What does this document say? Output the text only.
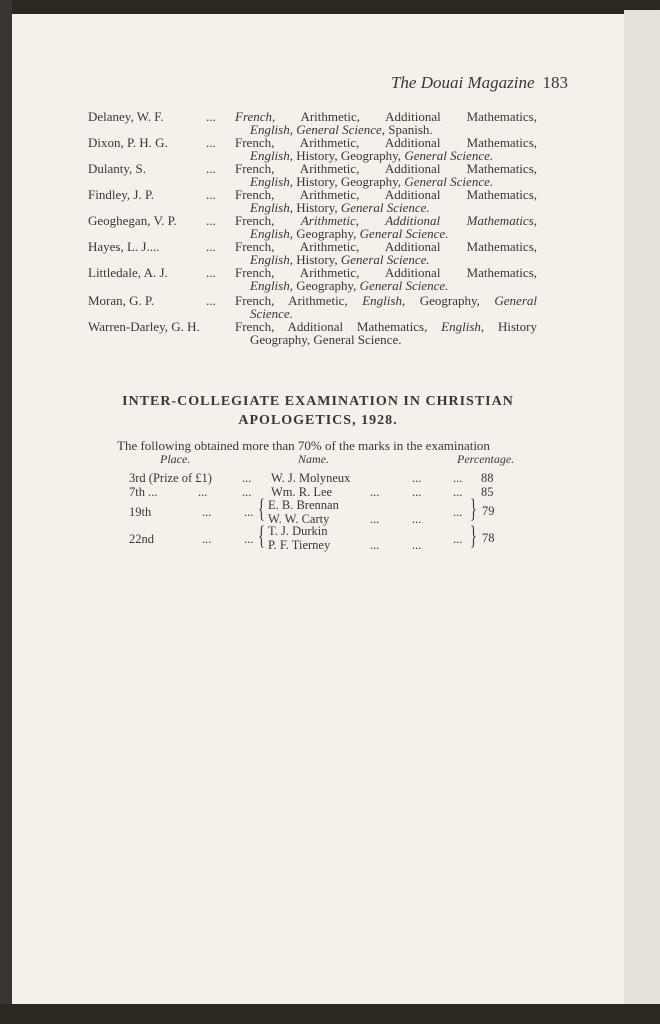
The Douai Magazine 183
Delaney, W. F.	... French, Arithmetic, Additional Mathematics,
English, General Science, Spanish.
Dixon, P. H. G.	... French, Arithmetic, Additional Mathematics,
English, History, Geography, General Science.
Dulanty, S.	... French, Arithmetic, Additional Mathematics,
English, History, Geography, General Science.
Findley, J. P.	... French, Arithmetic, Additional Mathematics,
English, History, General Science.
Geoghegan, V. P. ... French, Arithmetic, Additional Mathematics,
English, Geography, General Science.
Hayes, L. J....	... French, Arithmetic, Additional Mathematics,
English, History, General Science.
Littledale, A. J.	... French, Arithmetic, Additional Mathematics,
English, Geography, General Science.
Moran, G. P.	... French, Arithmetic, English, Geography, General
Science.
Warren-Darley, G. H.	French, Additional Mathematics, English, History
Geography, General Science.
INTER-COLLEGIATE EXAMINATION IN CHRISTIAN
APOLOGETICS, 1928.
The following obtained more than 70% of the marks in the examination
Place.	Name.	Percentage.
3rd (Prize of £1) ... W. J. Molyneux	...	... 88
7th ...	...	... Wm. R. Lee	...	...	... 85
19th	...	... { E. B. Brennan
W. W. Carty	...	...	... } 79
22nd	...	... { T. J. Durkin
P. F. Tierney	...	...	... } 78
